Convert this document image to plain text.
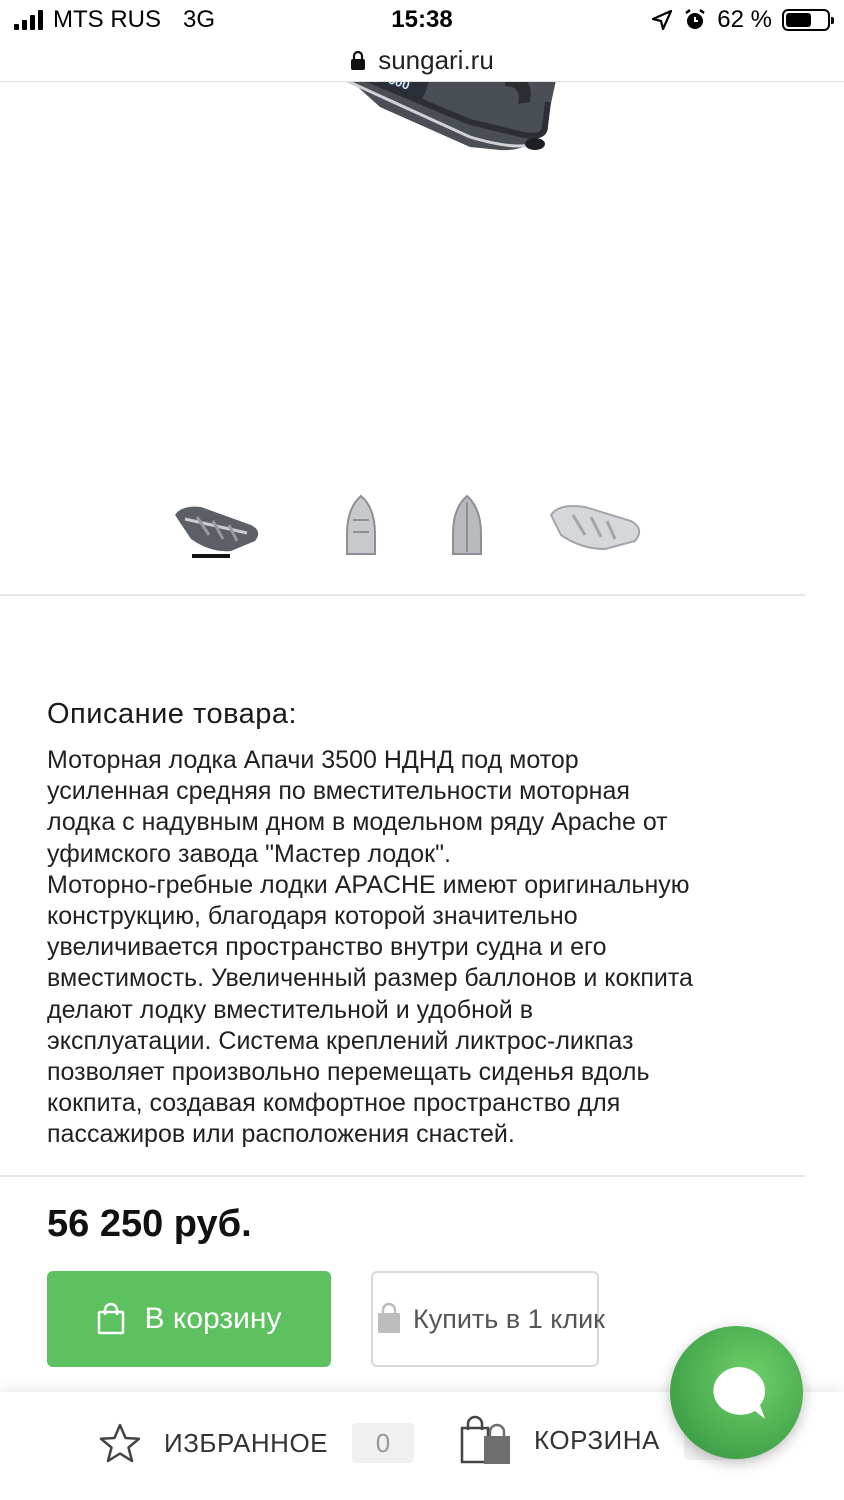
MTS RUS 3G	15:38	62 %
sungari.ru
Описание товара:
Моторная лодка Апачи 3500 НДНД под мотор
усиленная средняя по вместительности моторная
лодка с надувным дном в модельном ряду Apache от
уфимского завода "Мастер лодок".
Моторно-гребные лодки APACHE имеют оригинальную
конструкцию, благодаря которой значительно
увеличивается пространство внутри судна и его
вместимость. Увеличенный размер баллонов и кокпита
делают лодку вместительной и удобной в
эксплуатации. Система креплений ликтрос-ликпаз
позволяет произвольно перемещать сиденья вдоль
кокпита, создавая комфортное пространство для
пассажиров или расположения снастей.
56 250 руб.
В корзину	Купить в 1 клик
ИЗБРАННОЕ	0	КОРЗИНА
